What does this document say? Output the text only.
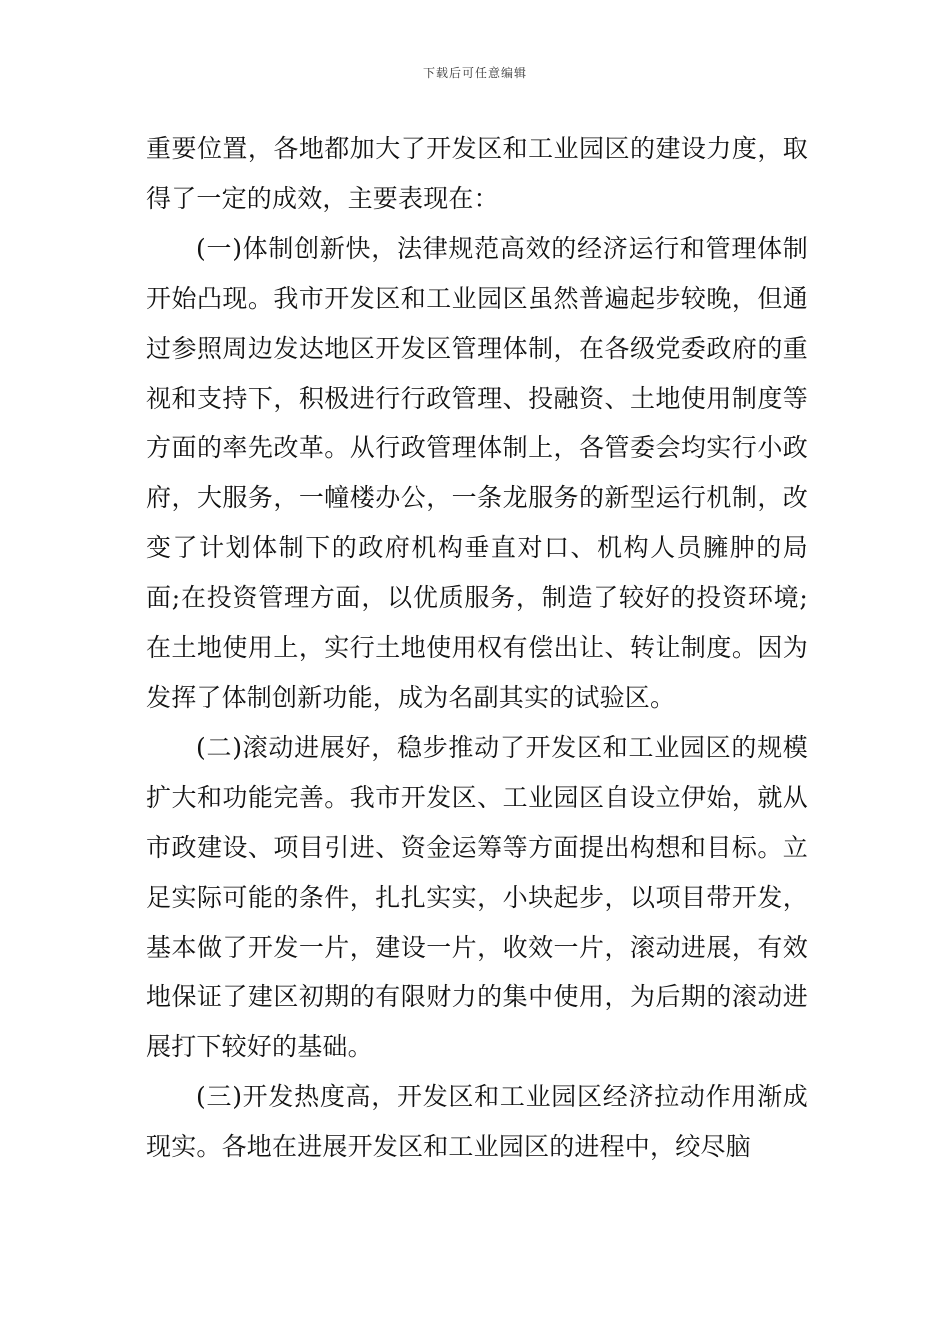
下载后可任意编辑

重要位置，各地都加大了开发区和工业园区的建设力度，取得了一定的成效，主要表现在：

(一)体制创新快，法律规范高效的经济运行和管理体制开始凸现。我市开发区和工业园区虽然普遍起步较晚，但通过参照周边发达地区开发区管理体制，在各级党委政府的重视和支持下，积极进行行政管理、投融资、土地使用制度等方面的率先改革。从行政管理体制上，各管委会均实行小政府，大服务，一幢楼办公，一条龙服务的新型运行机制，改变了计划体制下的政府机构垂直对口、机构人员臃肿的局面;在投资管理方面，以优质服务，制造了较好的投资环境;在土地使用上，实行土地使用权有偿出让、转让制度。因为发挥了体制创新功能，成为名副其实的试验区。

(二)滚动进展好，稳步推动了开发区和工业园区的规模扩大和功能完善。我市开发区、工业园区自设立伊始，就从市政建设、项目引进、资金运筹等方面提出构想和目标。立足实际可能的条件，扎扎实实，小块起步，以项目带开发，基本做了开发一片，建设一片，收效一片，滚动进展，有效地保证了建区初期的有限财力的集中使用，为后期的滚动进展打下较好的基础。

(三)开发热度高，开发区和工业园区经济拉动作用渐成现实。各地在进展开发区和工业园区的进程中，绞尽脑
